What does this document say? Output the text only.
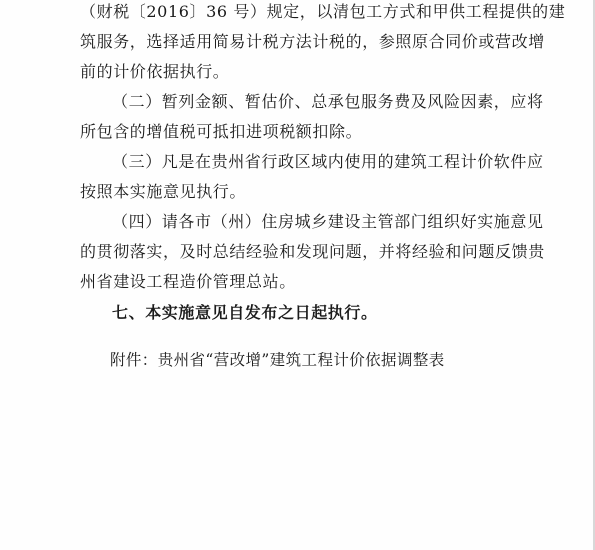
（财税〔2016〕36 号）规定，以清包工方式和甲供工程提供的建
筑服务，选择适用简易计税方法计税的，参照原合同价或营改增
前的计价依据执行。
（二）暂列金额、暂估价、总承包服务费及风险因素，应将
所包含的增值税可抵扣进项税额扣除。
（三）凡是在贵州省行政区域内使用的建筑工程计价软件应
按照本实施意见执行。
（四）请各市（州）住房城乡建设主管部门组织好实施意见
的贯彻落实，及时总结经验和发现问题，并将经验和问题反馈贵
州省建设工程造价管理总站。
七、本实施意见自发布之日起执行。
附件：贵州省“营改增”建筑工程计价依据调整表
